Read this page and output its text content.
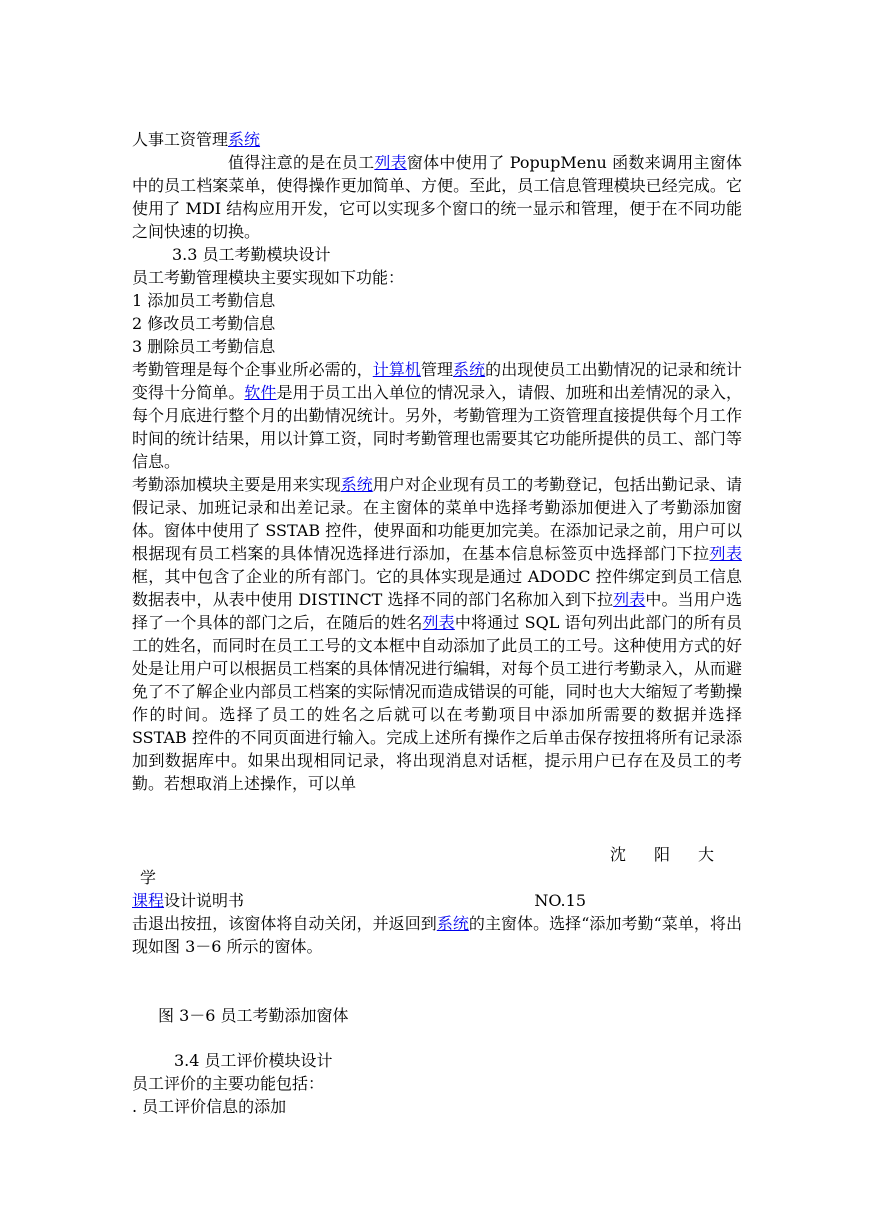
人事工资管理系统

值得注意的是在员工列表窗体中使用了 PopupMenu 函数来调用主窗体中的员工档案菜单，使得操作更加简单、方便。至此，员工信息管理模块已经完成。它使用了 MDI 结构应用开发，它可以实现多个窗口的统一显示和管理，便于在不同功能之间快速的切换。

3.3 员工考勤模块设计

员工考勤管理模块主要实现如下功能：

1 添加员工考勤信息

2 修改员工考勤信息

3 删除员工考勤信息

考勤管理是每个企事业所必需的，计算机管理系统的出现使员工出勤情况的记录和统计变得十分简单。软件是用于员工出入单位的情况录入，请假、加班和出差情况的录入，每个月底进行整个月的出勤情况统计。另外，考勤管理为工资管理直接提供每个月工作时间的统计结果，用以计算工资，同时考勤管理也需要其它功能所提供的员工、部门等信息。

考勤添加模块主要是用来实现系统用户对企业现有员工的考勤登记，包括出勤记录、请假记录、加班记录和出差记录。在主窗体的菜单中选择考勤添加便进入了考勤添加窗体。窗体中使用了 SSTAB 控件，使界面和功能更加完美。在添加记录之前，用户可以根据现有员工档案的具体情况选择进行添加，在基本信息标签页中选择部门下拉列表框，其中包含了企业的所有部门。它的具体实现是通过 ADODC 控件绑定到员工信息数据表中，从表中使用 DISTINCT 选择不同的部门名称加入到下拉列表中。当用户选择了一个具体的部门之后，在随后的姓名列表中将通过 SQL 语句列出此部门的所有员工的姓名，而同时在员工工号的文本框中自动添加了此员工的工号。这种使用方式的好处是让用户可以根据员工档案的具体情况进行编辑，对每个员工进行考勤录入，从而避免了不了解企业内部员工档案的实际情况而造成错误的可能，同时也大大缩短了考勤操作的时间。选择了员工的姓名之后就可以在考勤项目中添加所需要的数据并选择 SSTAB 控件的不同页面进行输入。完成上述所有操作之后单击保存按扭将所有记录添加到数据库中。如果出现相同记录，将出现消息对话框，提示用户已存在及员工的考勤。若想取消上述操作，可以单

沈阳大

学

课程设计说明书	NO.15

击退出按扭，该窗体将自动关闭，并返回到系统的主窗体。选择“添加考勤“菜单，将出现如图 3－6 所示的窗体。

图 3－6 员工考勤添加窗体

3.4 员工评价模块设计

员工评价的主要功能包括：

. 员工评价信息的添加
